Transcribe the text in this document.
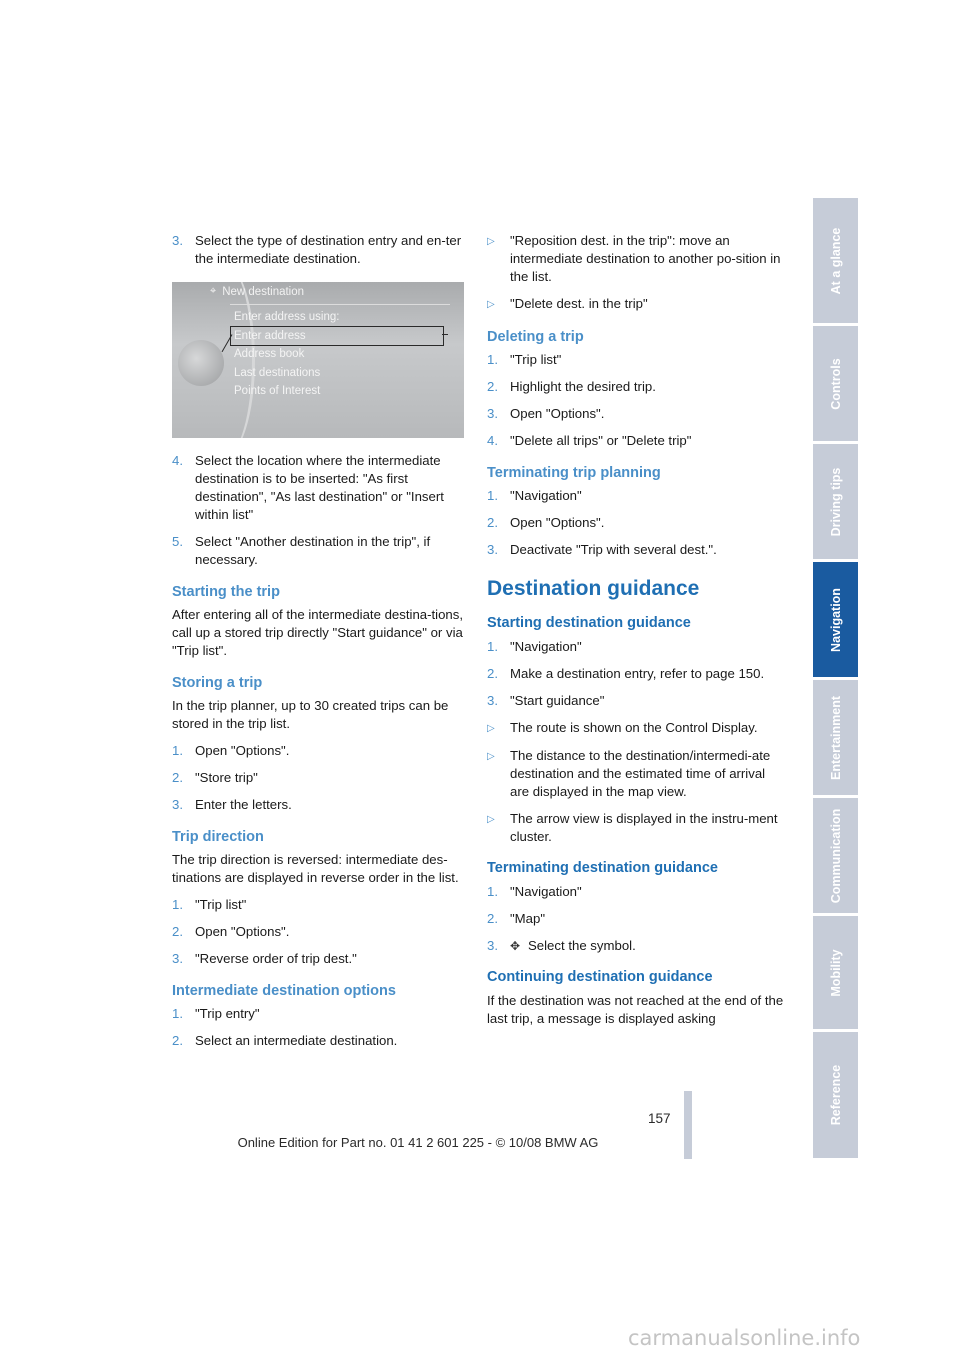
3. Select the type of destination entry and en-ter the intermediate destination.
⌖ New destination
Enter address using:
Enter address
Address book
Last destinations
Points of Interest
4. Select the location where the intermediate destination is to be inserted: "As first destination", "As last destination" or "Insert within list"
5. Select "Another destination in the trip", if necessary.
Starting the trip

After entering all of the intermediate destina-tions, call up a stored trip directly "Start guidance" or via "Trip list".

Storing a trip

In the trip planner, up to 30 created trips can be stored in the trip list.

1. Open "Options".
2. "Store trip"
3. Enter the letters.
Trip direction

The trip direction is reversed: intermediate des-tinations are displayed in reverse order in the list.

1. "Trip list"
2. Open "Options".
3. "Reverse order of trip dest."
Intermediate destination options
1. "Trip entry"
2. Select an intermediate destination.
▷	"Reposition dest. in the trip": move an intermediate destination to another po-sition in the list.
▷	"Delete dest. in the trip"
Deleting a trip
1. "Trip list"
2. Highlight the desired trip.
3. Open "Options".
4. "Delete all trips" or "Delete trip"
Terminating trip planning
1. "Navigation"
2. Open "Options".
3. Deactivate "Trip with several dest.".
Destination guidance
Starting destination guidance
1. "Navigation"
2. Make a destination entry, refer to page 150.
3. "Start guidance"
▷	The route is shown on the Control Display.
▷	The distance to the destination/intermedi-ate destination and the estimated time of arrival are displayed in the map view.
▷	The arrow view is displayed in the instru-ment cluster.
Terminating destination guidance
1. "Navigation"
2. "Map"
3.	✥ Select the symbol.
Continuing destination guidance

If the destination was not reached at the end of the last trip, a message is displayed asking

At a glance
Controls
Driving tips
Navigation
Entertainment
Communication
Mobility
Reference
157
Online Edition for Part no. 01 41 2 601 225 - © 10/08 BMW AG
carmanualsonline.info
